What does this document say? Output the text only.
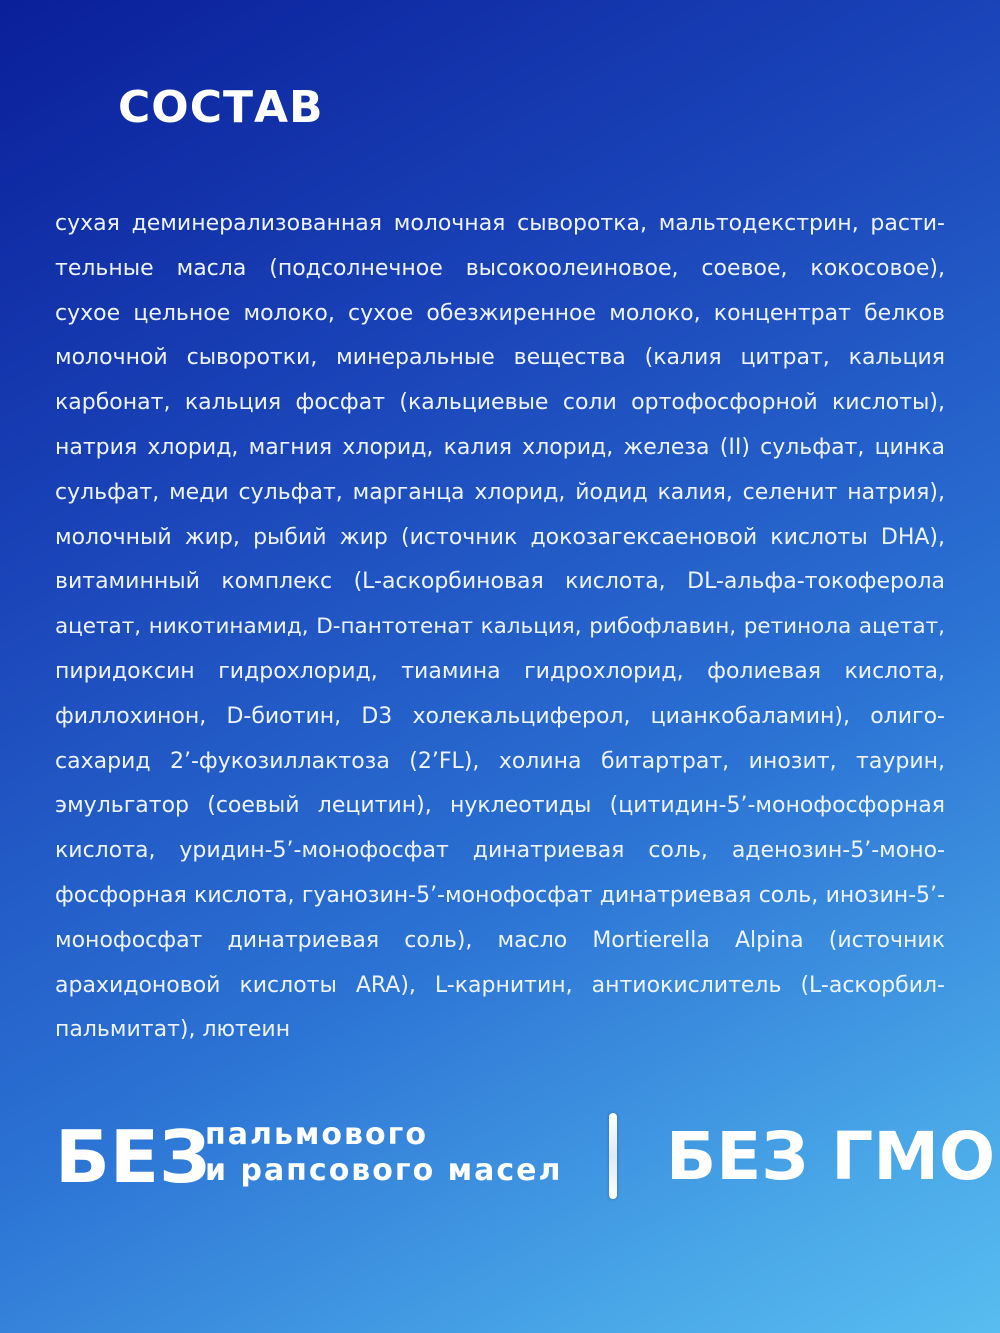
СОСТАВ
сухая деминерализованная молочная сыворотка, мальтодекстрин, расти-
тельные масла (подсолнечное высокоолеиновое, соевое, кокосовое),
сухое цельное молоко, сухое обезжиренное молоко, концентрат белков
молочной сыворотки, минеральные вещества (калия цитрат, кальция
карбонат, кальция фосфат (кальциевые соли ортофосфорной кислоты),
натрия хлорид, магния хлорид, калия хлорид, железа (II) сульфат, цинка
сульфат, меди сульфат, марганца хлорид, йодид калия, селенит натрия),
молочный жир, рыбий жир (источник докозагексаеновой кислоты DHA),
витаминный комплекс (L-аскорбиновая кислота, DL-альфа-токоферола
ацетат, никотинамид, D-пантотенат кальция, рибофлавин, ретинола ацетат,
пиридоксин гидрохлорид, тиамина гидрохлорид, фолиевая кислота,
филлохинон, D-биотин, D3 холекальциферол, цианкобаламин), олиго-
сахарид 2’-фукозиллактоза (2’FL), холина битартрат, инозит, таурин,
эмульгатор (соевый лецитин), нуклеотиды (цитидин-5’-монофосфорная
кислота, уридин-5’-монофосфат динатриевая соль, аденозин-5’-моно-
фосфорная кислота, гуанозин-5’-монофосфат динатриевая соль, инозин-5’-
монофосфат динатриевая соль), масло Mortierella Alpina (источник
арахидоновой кислоты ARA), L-карнитин, антиокислитель (L-аскорбил-
пальмитат), лютеин
БЕЗ
пальмового
и рапсового масел БЕЗ ГМО
